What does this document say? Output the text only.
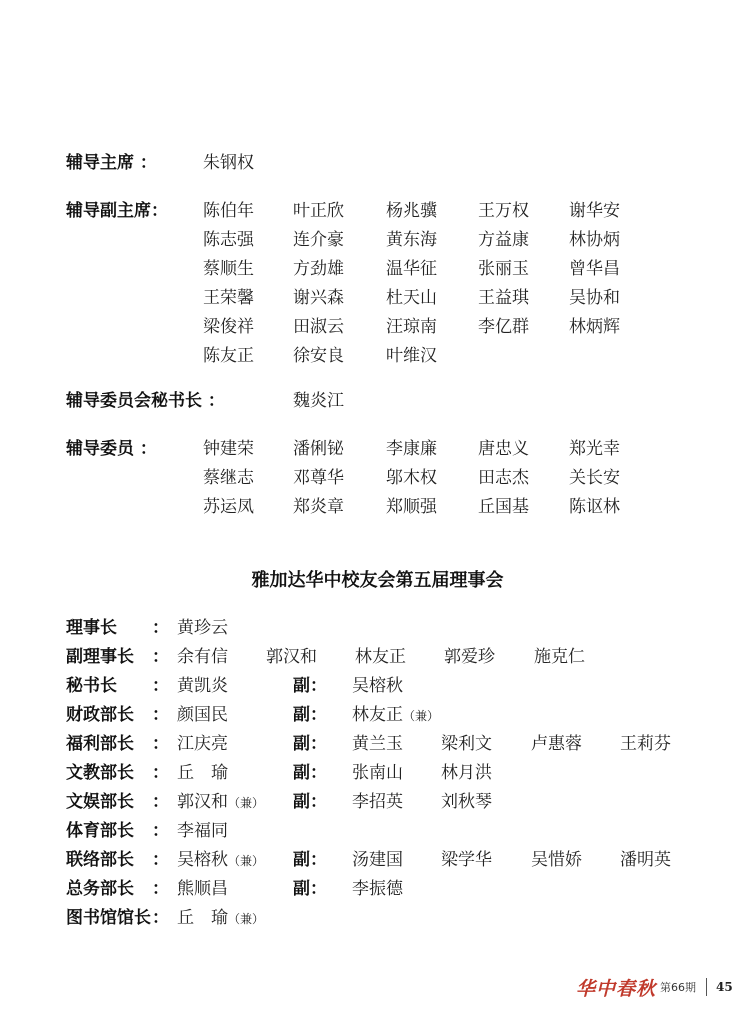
辅导主席 ：	朱钢权
辅导副主席： 陈伯年 叶正欣 杨兆骥 王万权 谢华安
陈志强 连介豪 黄东海 方益康 林协炳
蔡顺生 方劲雄 温华征 张丽玉 曾华昌
王荣馨 谢兴森 杜天山 王益琪 吴协和
梁俊祥 田淑云 汪琼南 李亿群 林炳辉
陈友正 徐安良 叶维汉
辅导委员会秘书长 ：	魏炎江
辅导委员 ：	钟建荣 潘俐铋 李康廉 唐忠义 郑光幸
蔡继志 邓尊华 邬木权 田志杰 关长安
苏运凤 郑炎章 郑顺强 丘国基 陈讴林
雅加达华中校友会第五届理事会
理事长 ： 黄珍云
副理事长 ： 余有信 郭汉和 林友正 郭爱珍 施克仁
秘书长 ： 黄凯炎	副： 吴榕秋
财政部长 ： 颜国民	副： 林友正（兼）
福利部长 ： 江庆亮	副： 黄兰玉 梁利文 卢惠蓉 王莉芬
文教部长 ： 丘　瑜	副： 张南山 林月洪
文娱部长 ： 郭汉和（兼） 副： 李招英 刘秋琴
体育部长 ： 李福同
联络部长 ： 吴榕秋（兼） 副： 汤建国 梁学华 吴惜娇 潘明英
总务部长 ： 熊顺昌	副： 李振德
图书馆馆长 ： 丘　瑜（兼）
华中春秋 第66期 45
